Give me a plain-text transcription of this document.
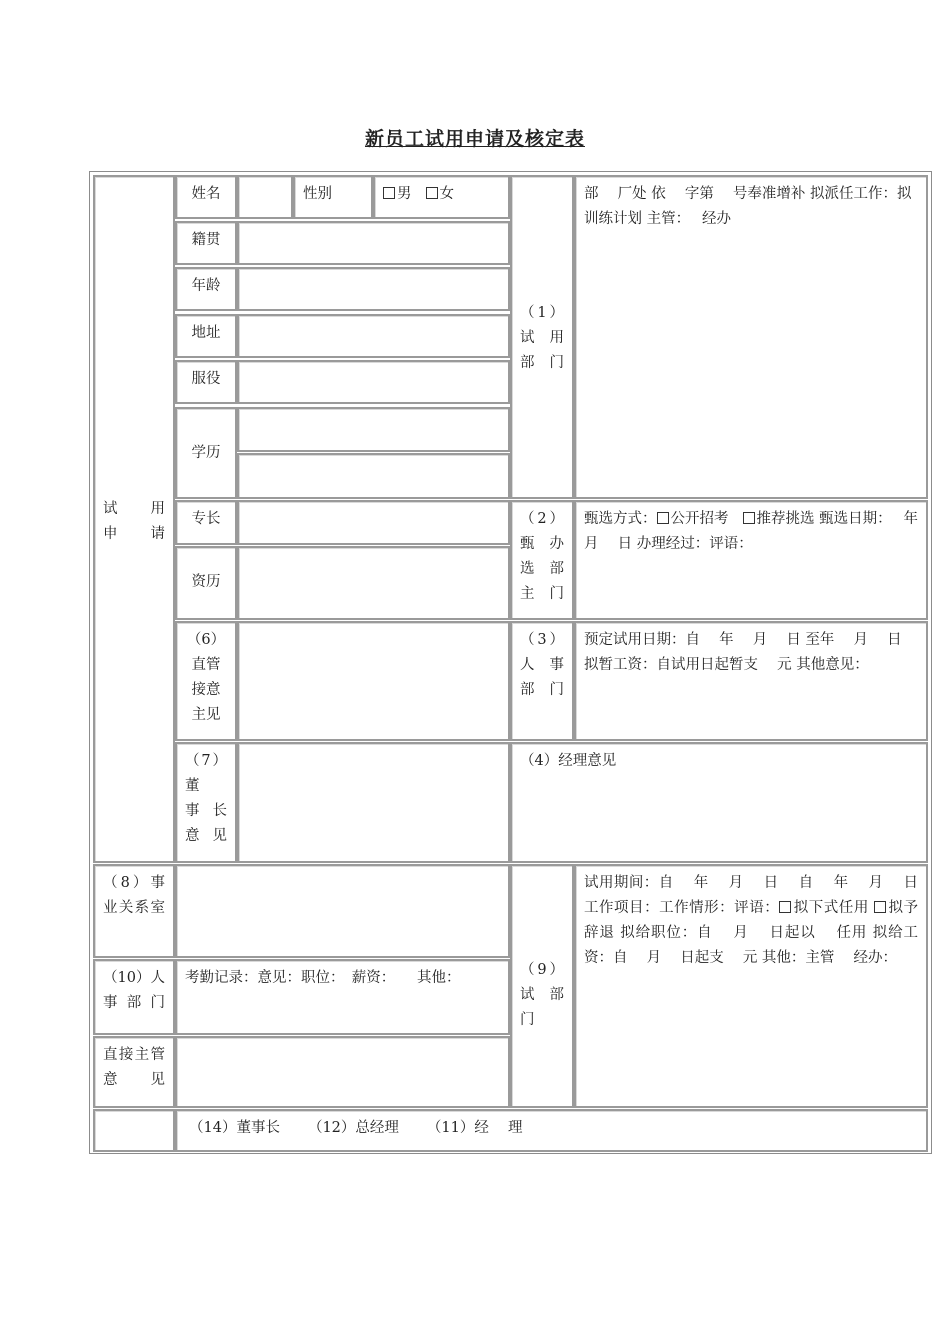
新员工试用申请及核定表
试　　用申请
姓名	性别	男 女
籍贯
年龄
地址
服役
学历
（1）试　用部门
部　 厂处 依　 字第　 号奉准增补 拟派任工作：拟训练计划 主管：　 经办
专长
资历
（2）甄办　选部　主门
甄选方式： 公开招考 推荐挑选 甄选日期：　 年　 月　 日 办理经过：评语：
（6）直管接意主见
（3）人　事部门
预定试用日期：自　 年　 月　 日 至年　 月　 日 拟暂工资：自试用日起暂支　 元 其他意见：
（7）董　事长　意见
（4）经理意见
（8）事业关系室
（10）人事部门
考勤记录：意见：职位：　薪资：　　其他：
直接主管意见
（9）试　部门
试用期间：自　 年　 月　 日　 自　 年　 月　 日 工作项目：工作情形：评语： 拟下式任用 拟予辞退 拟给职位：自　 月　 日起以　 任用 拟给工资：自　 月　 日起支　 元 其他：主管　 经办：
（14）董事长 （12）总经理 （11）经　 理
